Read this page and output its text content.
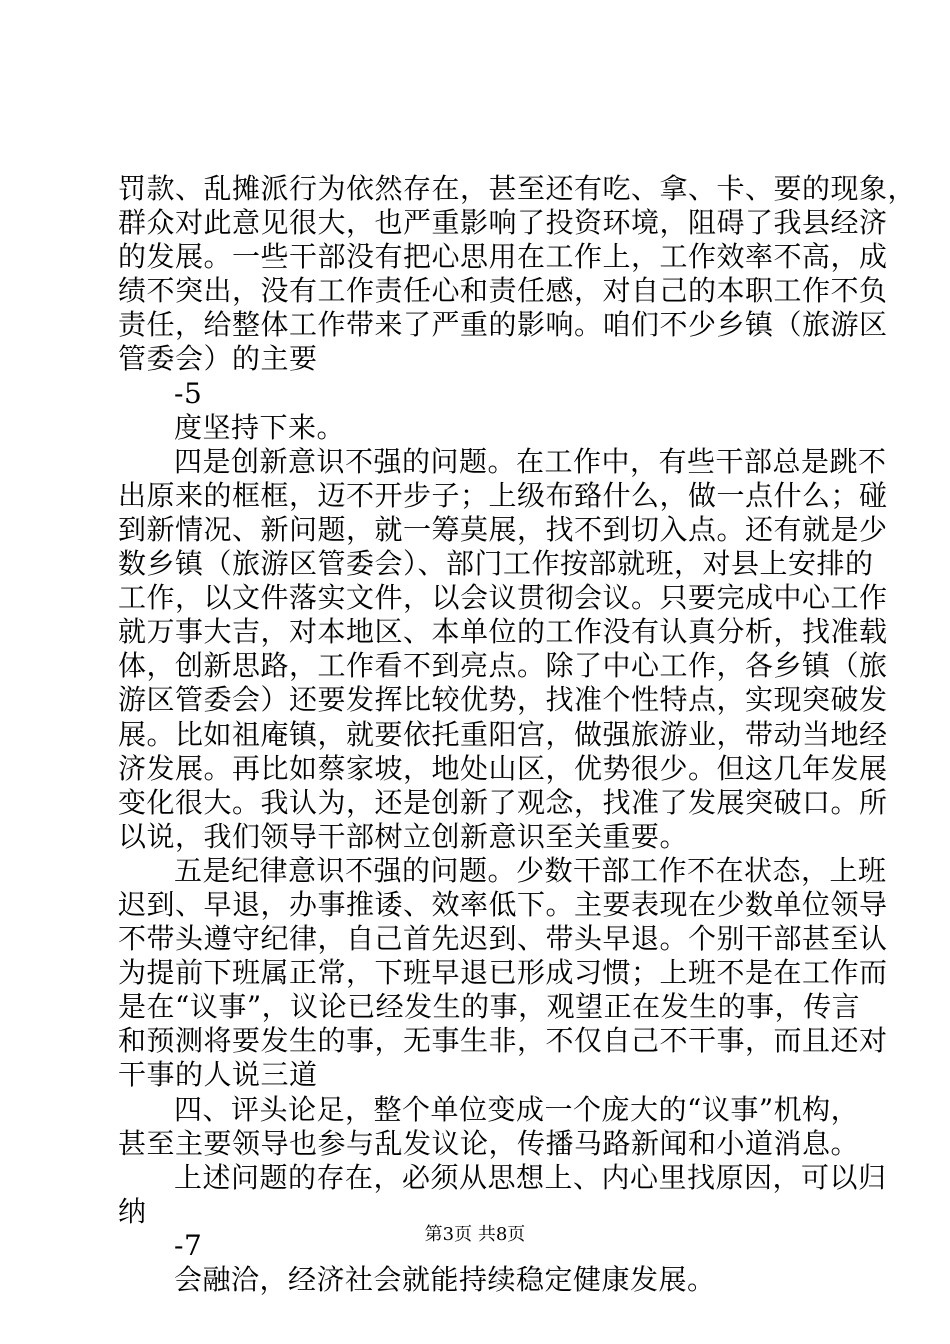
罚款、乱摊派行为依然存在，甚至还有吃、拿、卡、要的现象，
群众对此意见很大，也严重影响了投资环境，阻碍了我县经济
的发展。一些干部没有把心思用在工作上，工作效率不高，成
绩不突出，没有工作责任心和责任感，对自己的本职工作不负
责任，给整体工作带来了严重的影响。咱们不少乡镇（旅游区
管委会）的主要
-5
度坚持下来。
四是创新意识不强的问题。在工作中，有些干部总是跳不
出原来的框框，迈不开步子；上级布臵什么，做一点什么；碰
到新情况、新问题，就一筹莫展，找不到切入点。还有就是少
数乡镇（旅游区管委会）、部门工作按部就班，对县上安排的
工作，以文件落实文件，以会议贯彻会议。只要完成中心工作
就万事大吉，对本地区、本单位的工作没有认真分析，找准载
体，创新思路，工作看不到亮点。除了中心工作，各乡镇（旅
游区管委会）还要发挥比较优势，找准个性特点，实现突破发
展。比如祖庵镇，就要依托重阳宫，做强旅游业，带动当地经
济发展。再比如蔡家坡，地处山区，优势很少。但这几年发展
变化很大。我认为，还是创新了观念，找准了发展突破口。所
以说，我们领导干部树立创新意识至关重要。
五是纪律意识不强的问题。少数干部工作不在状态，上班
迟到、早退，办事推诿、效率低下。主要表现在少数单位领导
不带头遵守纪律，自己首先迟到、带头早退。个别干部甚至认
为提前下班属正常，下班早退已形成习惯；上班不是在工作而
是在“议事”，议论已经发生的事，观望正在发生的事，传言
和预测将要发生的事，无事生非，不仅自己不干事，而且还对
干事的人说三道
四、评头论足，整个单位变成一个庞大的“议事”机构，
甚至主要领导也参与乱发议论，传播马路新闻和小道消息。
上述问题的存在，必须从思想上、内心里找原因，可以归
纳
-7
会融洽，经济社会就能持续稳定健康发展。
第3页 共8页
